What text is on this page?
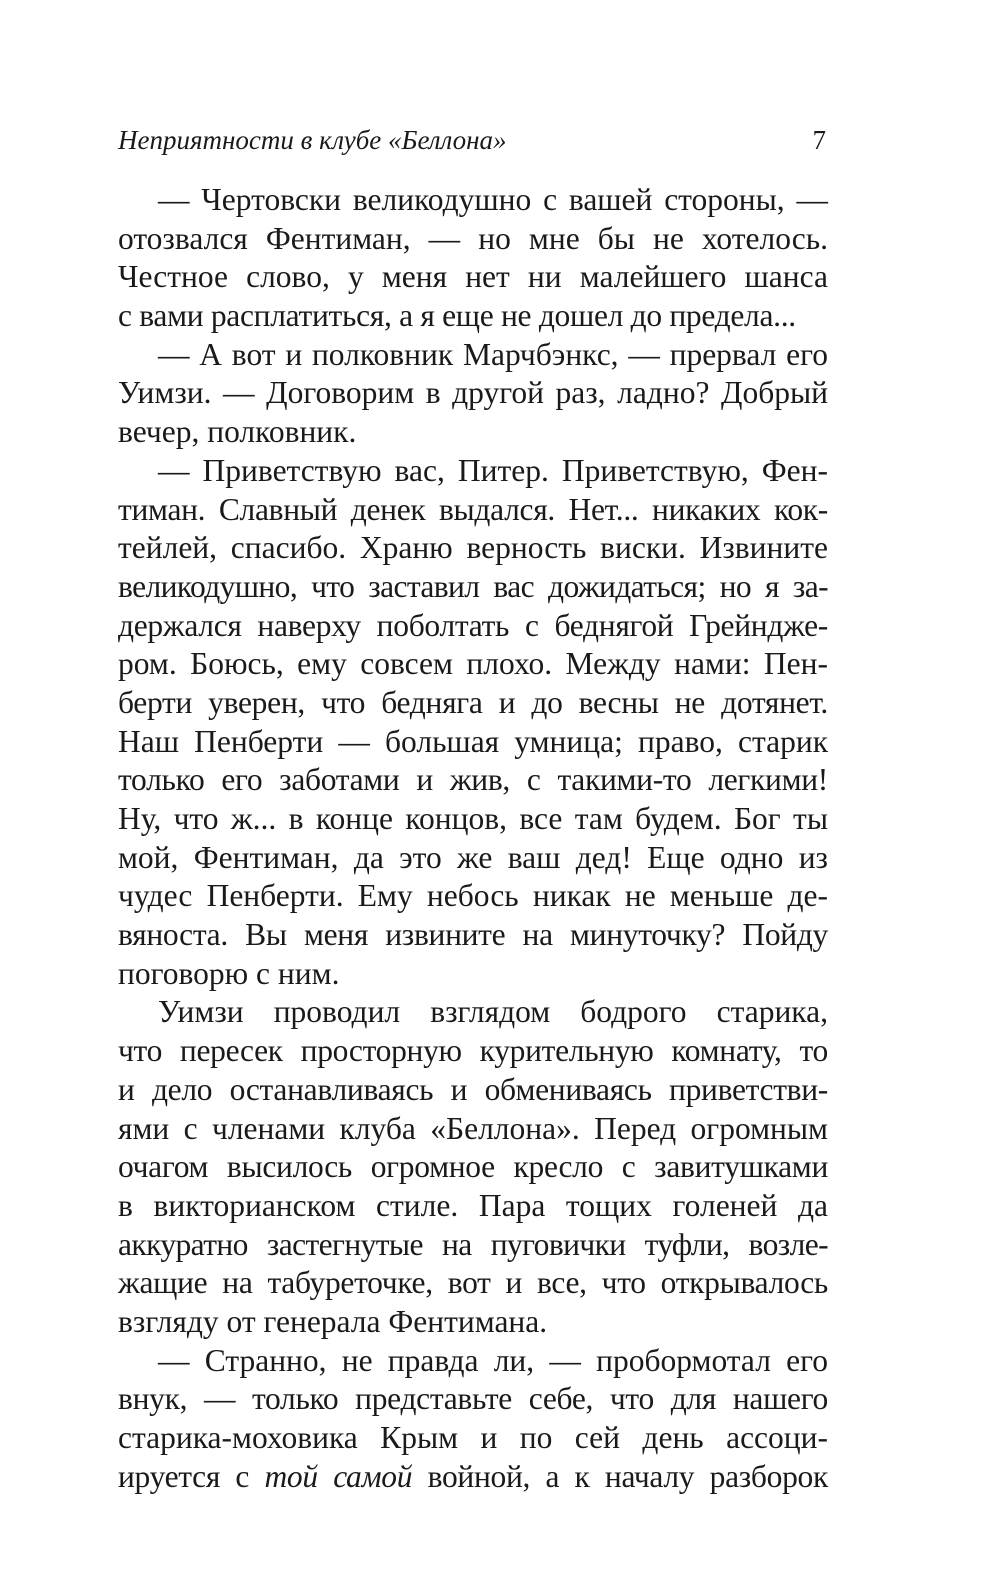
Неприятности в клубе «Беллона»	7
— Чертовски великодушно с вашей стороны, —
отозвался Фентиман, — но мне бы не хотелось.
Честное слово, у меня нет ни малейшего шанса
с вами расплатиться, а я еще не дошел до предела...
— А вот и полковник Марчбэнкс, — прервал его
Уимзи. — Договорим в другой раз, ладно? Добрый
вечер, полковник.
— Приветствую вас, Питер. Приветствую, Фен-
тиман. Славный денек выдался. Нет... никаких кок-
тейлей, спасибо. Храню верность виски. Извините
великодушно, что заставил вас дожидаться; но я за-
держался наверху поболтать с беднягой Грейндже-
ром. Боюсь, ему совсем плохо. Между нами: Пен-
берти уверен, что бедняга и до весны не дотянет.
Наш Пенберти — большая умница; право, старик
только его заботами и жив, с такими-то легкими!
Ну, что ж... в конце концов, все там будем. Бог ты
мой, Фентиман, да это же ваш дед! Еще одно из
чудес Пенберти. Ему небось никак не меньше де-
вяноста. Вы меня извините на минуточку? Пойду
поговорю с ним.
Уимзи проводил взглядом бодрого старика,
что пересек просторную курительную комнату, то
и дело останавливаясь и обмениваясь приветстви-
ями с членами клуба «Беллона». Перед огромным
очагом высилось огромное кресло с завитушками
в викторианском стиле. Пара тощих голеней да
аккуратно застегнутые на пуговички туфли, возле-
жащие на табуреточке, вот и все, что открывалось
взгляду от генерала Фентимана.
— Странно, не правда ли, — пробормотал его
внук, — только представьте себе, что для нашего
старика-моховика Крым и по сей день ассоци-
ируется с той самой войной, а к началу разборок
